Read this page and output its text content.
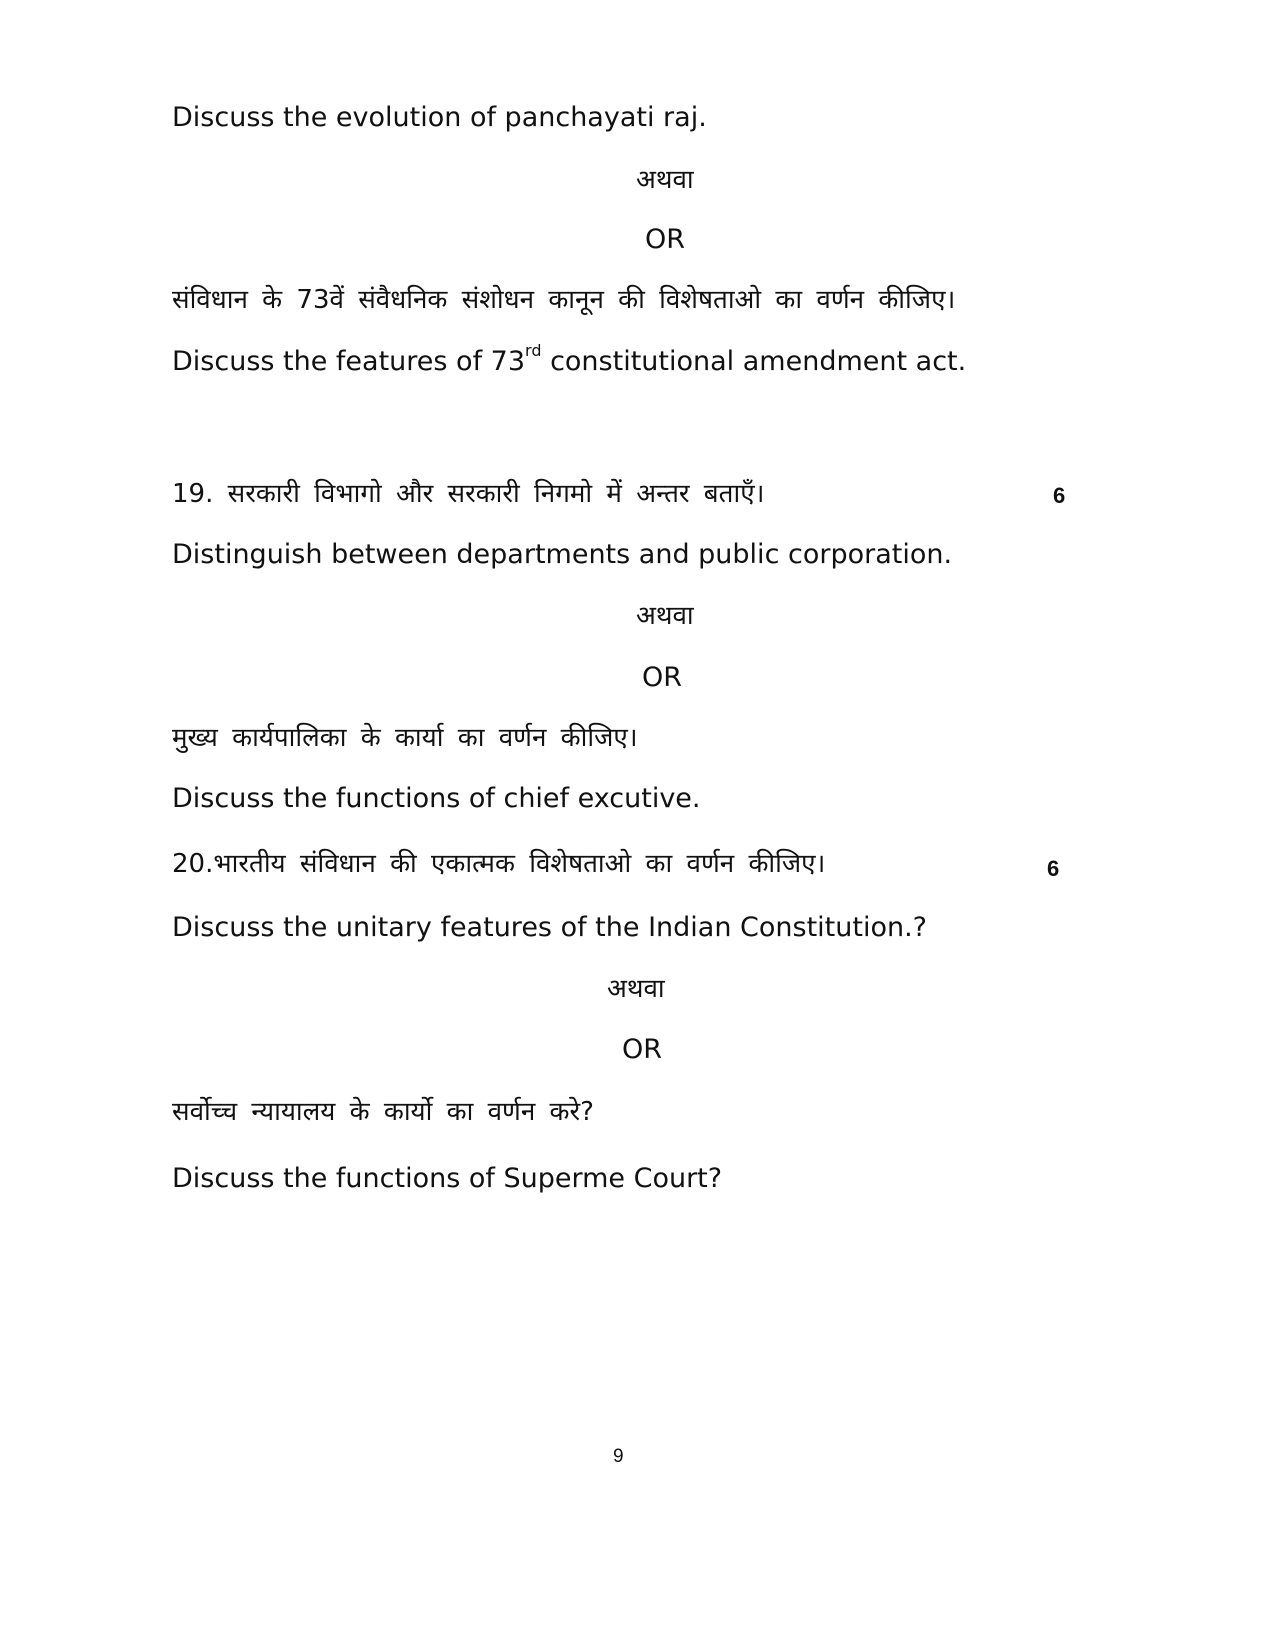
Discuss the evolution of panchayati raj.
अथवा
OR
संविधान के 73वें संवैधनिक संशोधन कानून की विशेषताओ का वर्णन कीजिए।
Discuss the features of 73rd constitutional amendment act.
19. सरकारी विभागो और सरकारी निगमो में अन्तर बताएँ।	6
Distinguish between departments and public corporation.
अथवा
OR
मुख्य कार्यपालिका के कार्या का वर्णन कीजिए।
Discuss the functions of chief excutive.
20.भारतीय संविधान की एकात्मक विशेषताओ का वर्णन कीजिए।	6
Discuss the unitary features of the Indian Constitution.?
अथवा
OR
सर्वोच्च न्यायालय के कार्यो का वर्णन करे?
Discuss the functions of Superme Court?
9
